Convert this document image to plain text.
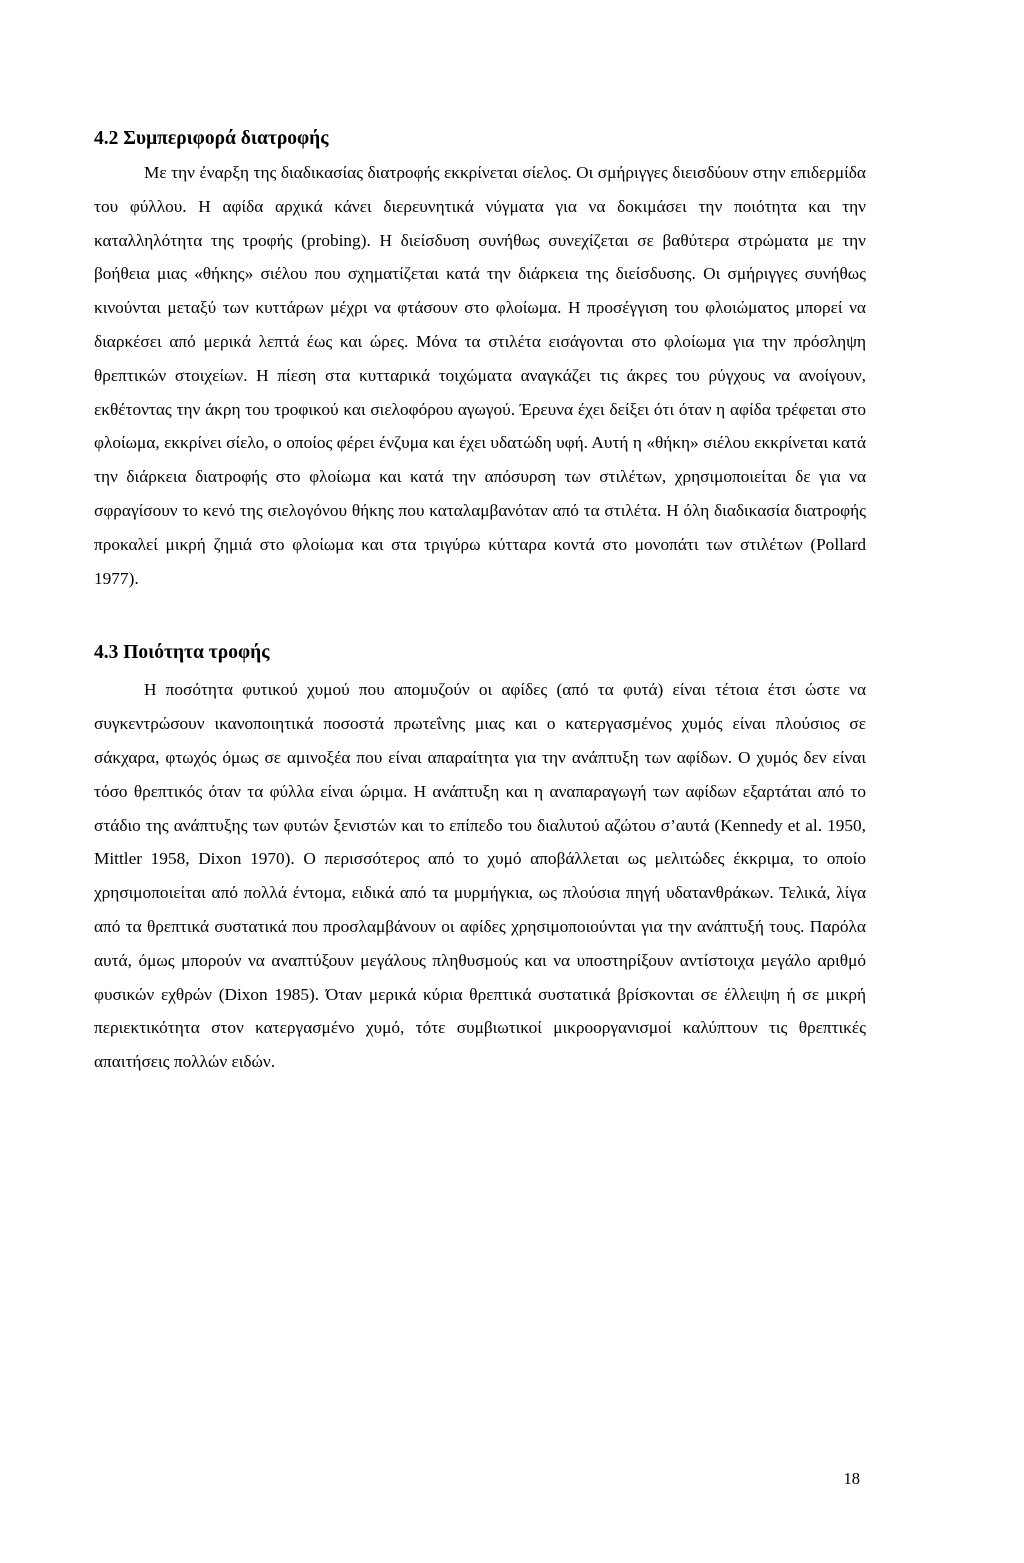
4.2 Συμπεριφορά διατροφής

Με την έναρξη της διαδικασίας διατροφής εκκρίνεται σίελος. Οι σμήριγγες διεισδύουν στην επιδερμίδα του φύλλου. Η αφίδα αρχικά κάνει διερευνητικά νύγματα για να δοκιμάσει την ποιότητα και την καταλληλότητα της τροφής (probing). Η διείσδυση συνήθως συνεχίζεται σε βαθύτερα στρώματα με την βοήθεια μιας «θήκης» σιέλου που σχηματίζεται κατά την διάρκεια της διείσδυσης. Οι σμήριγγες συνήθως κινούνται μεταξύ των κυττάρων μέχρι να φτάσουν στο φλοίωμα. Η προσέγγιση του φλοιώματος μπορεί να διαρκέσει από μερικά λεπτά έως και ώρες. Μόνα τα στιλέτα εισάγονται στο φλοίωμα για την πρόσληψη θρεπτικών στοιχείων. Η πίεση στα κυτταρικά τοιχώματα αναγκάζει τις άκρες του ρύγχους να ανοίγουν, εκθέτοντας την άκρη του τροφικού και σιελοφόρου αγωγού. Έρευνα έχει δείξει ότι όταν η αφίδα τρέφεται στο φλοίωμα, εκκρίνει σίελο, ο οποίος φέρει ένζυμα και έχει υδατώδη υφή. Αυτή η «θήκη» σιέλου εκκρίνεται κατά την διάρκεια διατροφής στο φλοίωμα και κατά την απόσυρση των στιλέτων, χρησιμοποιείται δε για να σφραγίσουν το κενό της σιελογόνου θήκης που καταλαμβανόταν από τα στιλέτα. Η όλη διαδικασία διατροφής προκαλεί μικρή ζημιά στο φλοίωμα και στα τριγύρω κύτταρα κοντά στο μονοπάτι των στιλέτων (Pollard 1977).

4.3 Ποιότητα τροφής

Η ποσότητα φυτικού χυμού που απομυζούν οι αφίδες (από τα φυτά) είναι τέτοια έτσι ώστε να συγκεντρώσουν ικανοποιητικά ποσοστά πρωτεΐνης μιας και ο κατεργασμένος χυμός είναι πλούσιος σε σάκχαρα, φτωχός όμως σε αμινοξέα που είναι απαραίτητα για την ανάπτυξη των αφίδων. Ο χυμός δεν είναι τόσο θρεπτικός όταν τα φύλλα είναι ώριμα. Η ανάπτυξη και η αναπαραγωγή των αφίδων εξαρτάται από το στάδιο της ανάπτυξης των φυτών ξενιστών και το επίπεδο του διαλυτού αζώτου σ’αυτά (Kennedy et al. 1950, Mittler 1958, Dixon 1970). Ο περισσότερος από το χυμό αποβάλλεται ως μελιτώδες έκκριμα, το οποίο χρησιμοποιείται από πολλά έντομα, ειδικά από τα μυρμήγκια, ως πλούσια πηγή υδατανθράκων. Τελικά, λίγα από τα θρεπτικά συστατικά που προσλαμβάνουν οι αφίδες χρησιμοποιούνται για την ανάπτυξή τους. Παρόλα αυτά, όμως μπορούν να αναπτύξουν μεγάλους πληθυσμούς και να υποστηρίξουν αντίστοιχα μεγάλο αριθμό φυσικών εχθρών (Dixon 1985). Όταν μερικά κύρια θρεπτικά συστατικά βρίσκονται σε έλλειψη ή σε μικρή περιεκτικότητα στον κατεργασμένο χυμό, τότε συμβιωτικοί μικροοργανισμοί καλύπτουν τις θρεπτικές απαιτήσεις πολλών ειδών.

18
